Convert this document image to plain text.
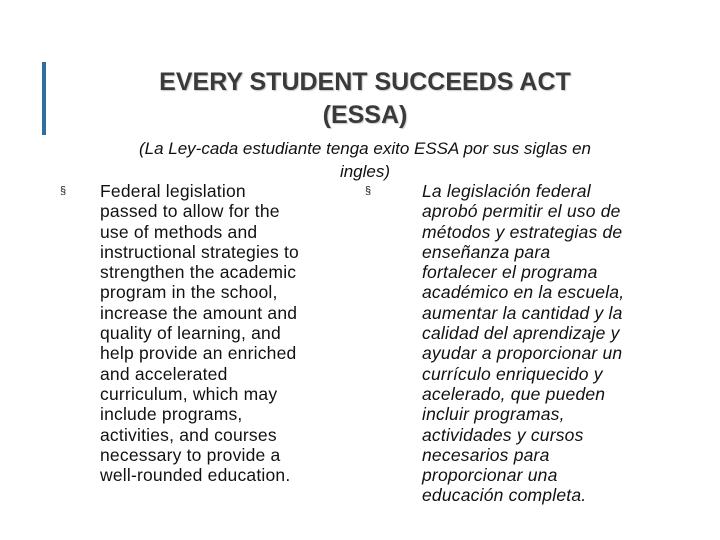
EVERY STUDENT SUCCEEDS ACT
(ESSA)
(La Ley-cada estudiante tenga exito ESSA por sus siglas en
ingles)
§	§
Federal legislation
passed to allow for the
use of methods and
instructional strategies to
strengthen the academic
program in the school,
increase the amount and
quality of learning, and
help provide an enriched
and accelerated
curriculum, which may
include programs,
activities, and courses
necessary to provide a
well-rounded education.
La legislación federal
aprobó permitir el uso de
métodos y estrategias de
enseñanza para
fortalecer el programa
académico en la escuela,
aumentar la cantidad y la
calidad del aprendizaje y
ayudar a proporcionar un
currículo enriquecido y
acelerado, que pueden
incluir programas,
actividades y cursos
necesarios para
proporcionar una
educación completa.
